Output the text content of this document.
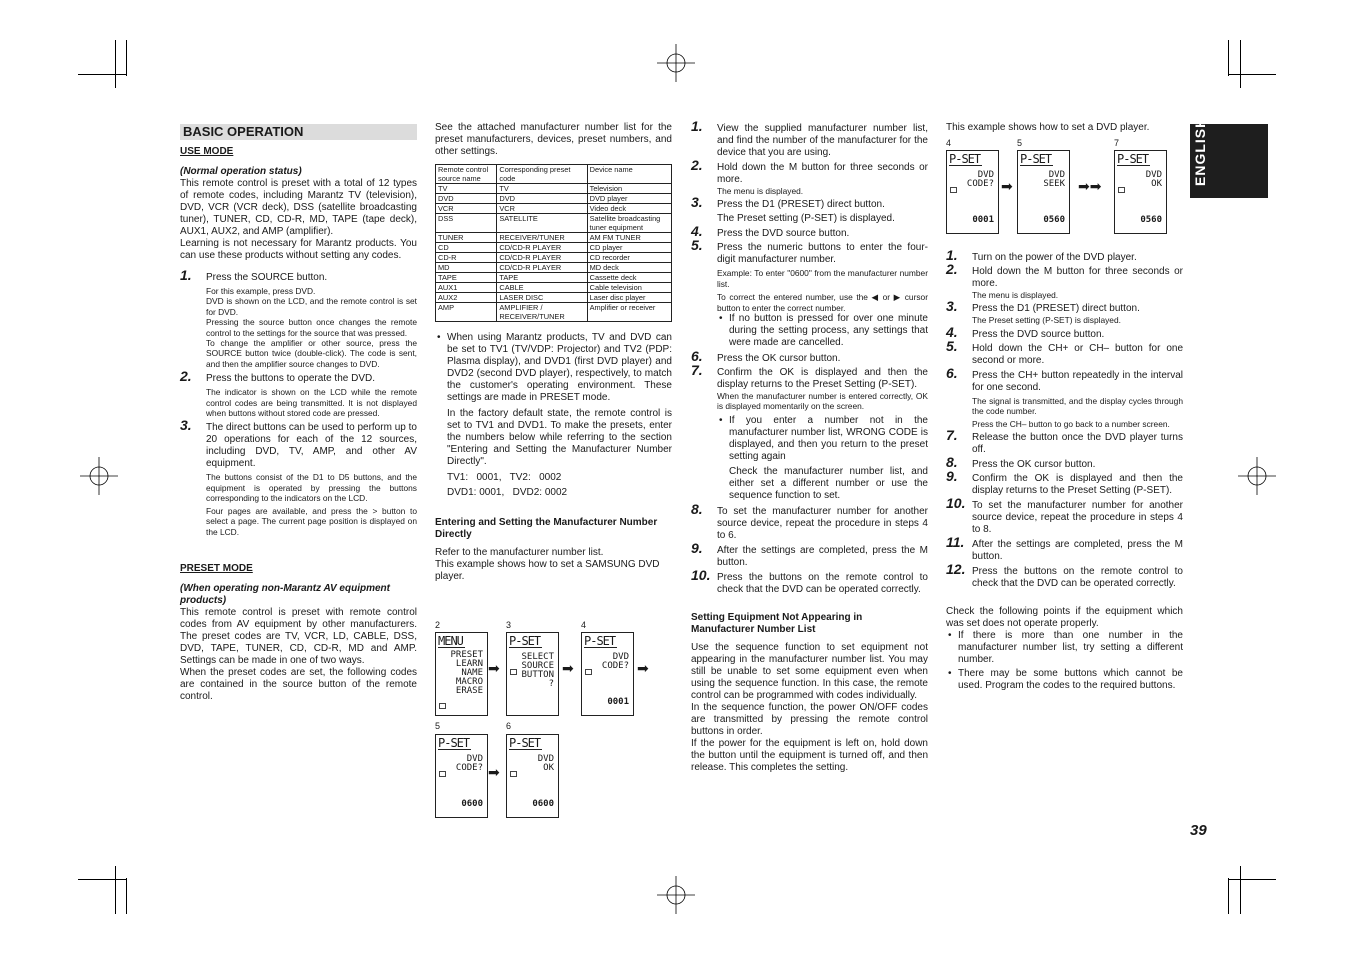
ENGLISH
BASIC OPERATION
USE MODE
(Normal operation status)
This remote control is preset with a total of 12 types of remote codes, including Marantz TV (television), DVD, VCR (VCR deck), DSS (satellite broadcasting tuner), TUNER, CD, CD-R, MD, TAPE (tape deck), AUX1, AUX2, and AMP (amplifier).
Learning is not necessary for Marantz products. You can use these products without setting any codes.
1. Press the SOURCE button.

For this example, press DVD.

DVD is shown on the LCD, and the remote control is set for DVD.

Pressing the source button once changes the remote control to the settings for the source that was pressed.

To change the amplifier or other source, press the SOURCE button twice (double-click). The code is sent, and then the amplifier source changes to DVD.

2. Press the buttons to operate the DVD.

The indicator is shown on the LCD while the remote control codes are being transmitted. It is not displayed when buttons without stored code are pressed.

3. The direct buttons can be used to perform up to 20 operations for each of the 12 sources, including DVD, TV, AMP, and other AV equipment.

The buttons consist of the D1 to D5 buttons, and the equipment is operated by pressing the buttons corresponding to the indicators on the LCD.

Four pages are available, and press the > button to select a page. The current page position is displayed on the LCD.

PRESET MODE
(When operating non-Marantz AV equipment products)
This remote control is preset with remote control codes from AV equipment by other manufacturers. The preset codes are TV, VCR, LD, CABLE, DSS, DVD, TAPE, TUNER, CD, CD-R, MD and AMP. Settings can be made in one of two ways.
When the preset codes are set, the following codes are contained in the source button of the remote control.
See the attached manufacturer number list for the preset manufacturers, devices, preset numbers, and other settings.
Remote control source name	Corresponding preset code	Device name
TV	TV	Television
DVD	DVD	DVD player
VCR	VCR	Video deck
DSS	SATELLITE	Satellite broadcasting tuner equipment
TUNER	RECEIVER/TUNER	AM FM TUNER
CD	CD/CD-R PLAYER	CD player
CD-R	CD/CD-R PLAYER	CD recorder
MD	CD/CD-R PLAYER	MD deck
TAPE	TAPE	Cassette deck
AUX1	CABLE	Cable television
AUX2	LASER DISC	Laser disc player
AMP	AMPLIFIER / RECEIVER/TUNER	Amplifier or receiver
• When using Marantz products, TV and DVD can be set to TV1 (TV/VDP: Projector) and TV2 (PDP: Plasma display), and DVD1 (first DVD player) and DVD2 (second DVD player), respectively, to match the customer's operating environment. These settings are made in PRESET mode.
In the factory default state, the remote control is set to TV1 and DVD1. To make the presets, enter the numbers below while referring to the section "Entering and Setting the Manufacturer Number Directly".
TV1:   0001,   TV2:   0002
DVD1: 0001,   DVD2: 0002
Entering and Setting the Manufacturer Number Directly
Refer to the manufacturer number list.
This example shows how to set a SAMSUNG DVD player.
2	3	4
5	6
MENU
PRESET
LEARN
NAME
MACRO
ERASE
➡
P-SET
SELECT
SOURCE
BUTTON
?
➡
P-SET
DVD
CODE?
0001
➡
P-SET
DVD
CODE?
0600
➡
P-SET
DVD
OK
0600
1. View the supplied manufacturer number list, and find the number of the manufacturer for the device that you are using.

2. Hold down the M button for three seconds or more.

The menu is displayed.

3. Press the D1 (PRESET) direct button.

The Preset setting (P-SET) is displayed.

4. Press the DVD source button.

5. Press the numeric buttons to enter the four-digit manufacturer number.

Example: To enter "0600" from the manufacturer number list.

To correct the entered number, use the ◀ or ▶ cursor button to enter the correct number.

• If no button is pressed for over one minute during the setting process, any settings that were made are cancelled.
6. Press the OK cursor button.

7. Confirm the OK is displayed and then the display returns to the Preset Setting (P-SET).

When the manufacturer number is entered correctly, OK is displayed momentarily on the screen.

• If you enter a number not in the manufacturer number list, WRONG CODE is displayed, and then you return to the preset setting again
Check the manufacturer number list, and either set a different number or use the sequence function to set.
8. To set the manufacturer number for another source device, repeat the procedure in steps 4 to 6.

9. After the settings are completed, press the M button.

10. Press the buttons on the remote control to check that the DVD can be operated correctly.

Setting Equipment Not Appearing in Manufacturer Number List
Use the sequence function to set equipment not appearing in the manufacturer number list. You may still be unable to set some equipment even when using the sequence function. In this case, the remote control can be programmed with codes individually.
In the sequence function, the power ON/OFF codes are transmitted by pressing the remote control buttons in order.
If the power for the equipment is left on, hold down the button until the equipment is turned off, and then release. This completes the setting.
This example shows how to set a DVD player.
4	5	7
P-SET
DVD
CODE?
0001
➡
P-SET
DVD
SEEK
0560
➡➡
P-SET
DVD
OK
0560
1. Turn on the power of the DVD player.

2. Hold down the M button for three seconds or more.

The menu is displayed.

3. Press the D1 (PRESET) direct button.

The Preset setting (P-SET) is displayed.

4. Press the DVD source button.

5. Hold down the CH+ or CH– button for one second or more.

6. Press the CH+ button repeatedly in the interval for one second.

The signal is transmitted, and the display cycles through the code number.

Press the CH– button to go back to a number screen.

7. Release the button once the DVD player turns off.

8. Press the OK cursor button.

9. Confirm the OK is displayed and then the display returns to the Preset Setting (P-SET).

10. To set the manufacturer number for another source device, repeat the procedure in steps 4 to 8.

11. After the settings are completed, press the M button.

12. Press the buttons on the remote control to check that the DVD can be operated correctly.

Check the following points if the equipment which was set does not operate properly.
• If there is more than one number in the manufacturer number list, try setting a different number.
• There may be some buttons which cannot be used. Program the codes to the required buttons.
39
